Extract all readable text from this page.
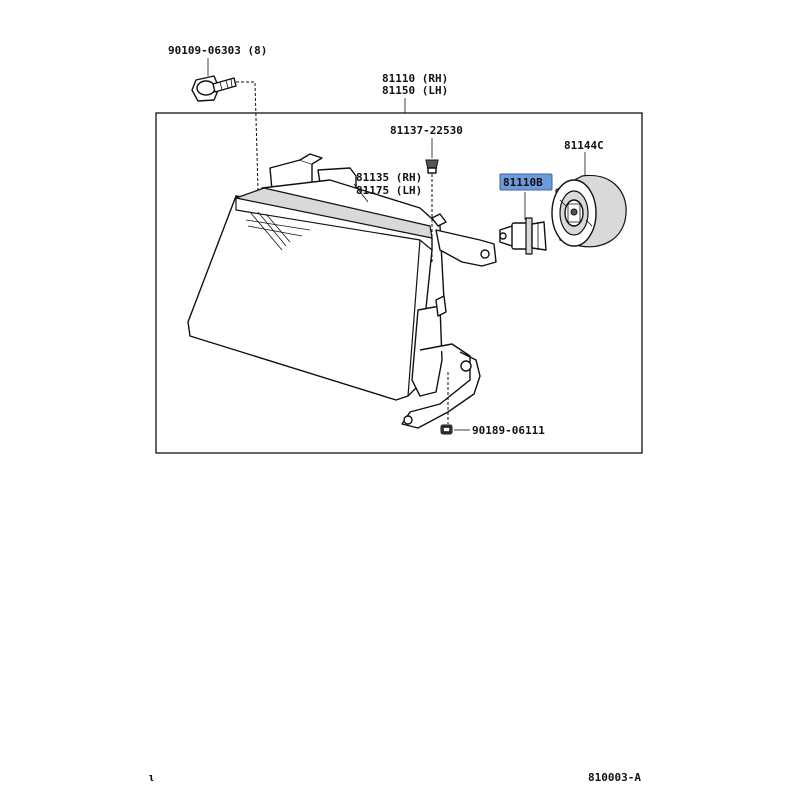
90109-06303 (8)
81110 (RH)
81150 (LH)
81137-22530
81135 (RH)
81175 (LH)
81110B
81144C
90189-06111
ι	810003-A
